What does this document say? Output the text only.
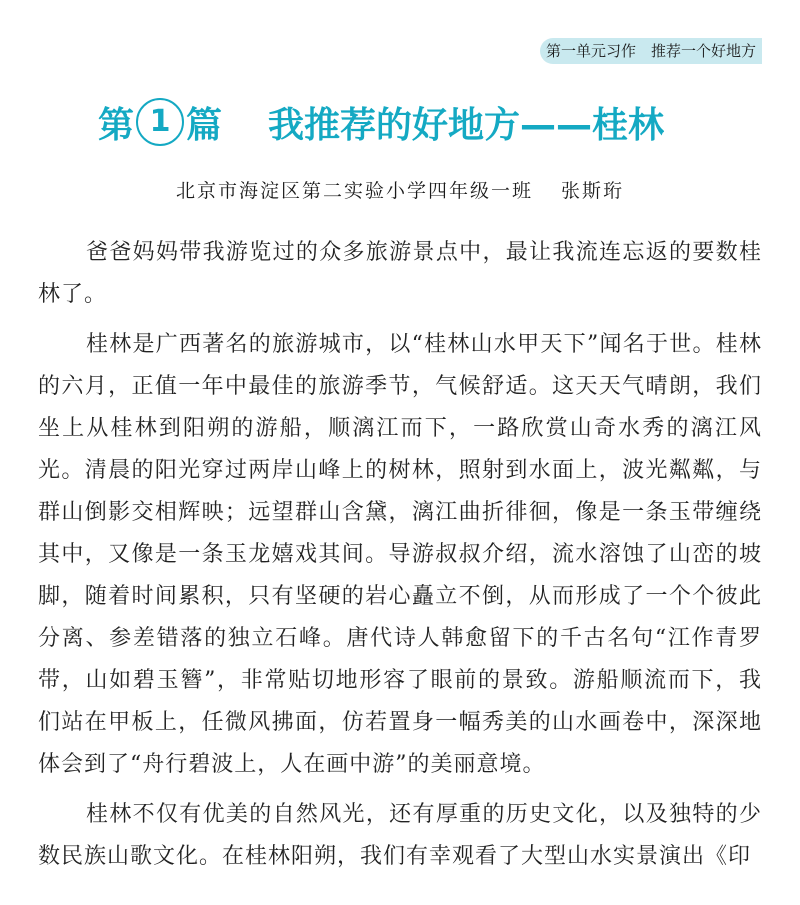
第一单元习作　推荐一个好地方
第 1 篇 我推荐的好地方——桂林
北京市海淀区第二实验小学四年级一班 张斯珩

爸爸妈妈带我游览过的众多旅游景点中，最让我流连忘返的要数桂林了。

桂林是广西著名的旅游城市，以“桂林山水甲天下”闻名于世。桂林的六月，正值一年中最佳的旅游季节，气候舒适。这天天气晴朗，我们坐上从桂林到阳朔的游船，顺漓江而下，一路欣赏山奇水秀的漓江风光。清晨的阳光穿过两岸山峰上的树林，照射到水面上，波光粼粼，与群山倒影交相辉映；远望群山含黛，漓江曲折徘徊，像是一条玉带缠绕其中，又像是一条玉龙嬉戏其间。导游叔叔介绍，流水溶蚀了山峦的坡脚，随着时间累积，只有坚硬的岩心矗立不倒，从而形成了一个个彼此分离、参差错落的独立石峰。唐代诗人韩愈留下的千古名句“江作青罗带，山如碧玉簪”，非常贴切地形容了眼前的景致。游船顺流而下，我们站在甲板上，任微风拂面，仿若置身一幅秀美的山水画卷中，深深地体会到了“舟行碧波上，人在画中游”的美丽意境。

桂林不仅有优美的自然风光，还有厚重的历史文化，以及独特的少数民族山歌文化。在桂林阳朔，我们有幸观看了大型山水实景演出《印
